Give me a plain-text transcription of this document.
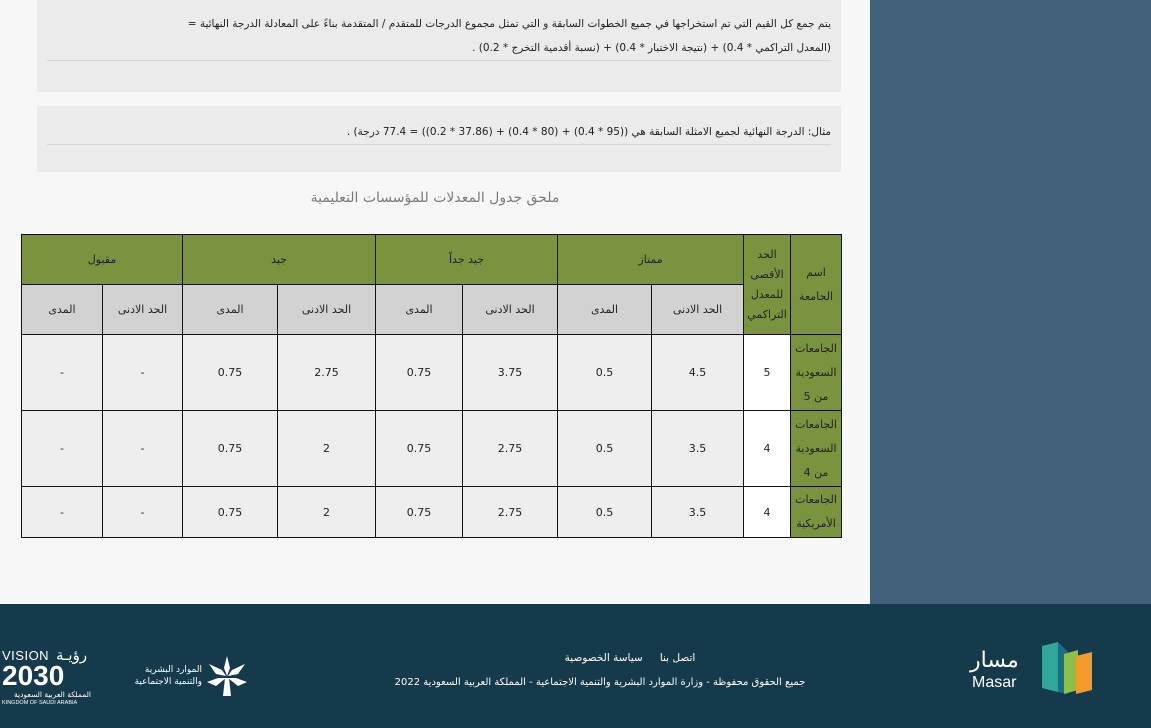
يتم جمع كل القيم التي تم استخراجها في جميع الخطوات السابقة و التي تمثل مجموع الدرجات للمتقدم / المتقدمة بناءً على المعادلة الدرجة النهائية =

(المعدل التراكمي * 0.4) + (نتيجة الاختبار * 0.4) + (نسبة أقدمية التخرج * 0.2) .

مثال: الدرجة النهائية لجميع الامثلة السابقة هي ((95 * 0.4) + (80 * 0.4) + (37.86 * 0.2)) = 77.4 درجة) .

ملحق جدول المعدلات للمؤسسات التعليمية
اسم الجامعة	الحد الأقصى للمعدل التراكمي	ممتاز		جيد جداً		جيد		مقبول	
		الحد الادنى	المدى	الحد الادنى	المدى	الحد الادنى	المدى	الحد الادنى	المدى
الجامعات السعودية من 5	5	4.5	0.5	3.75	0.75	2.75	0.75	-	-
الجامعات السعودية من 4	4	3.5	0.5	2.75	0.75	2	0.75	-	-
الجامعات الأمريكية	4	3.5	0.5	2.75	0.75	2	0.75	-	-
اتصل بنا سياسة الخصوصية
جميع الحقوق محفوظة - وزارة الموارد البشرية والتنمية الاجتماعية - المملكة العربية السعودية 2022
مسار
Masar
الموارد البشرية
والتنمية الاجتماعية
VISION رؤيـة
2030
المملكة العربية السعودية
KINGDOM OF SAUDI ARABIA
